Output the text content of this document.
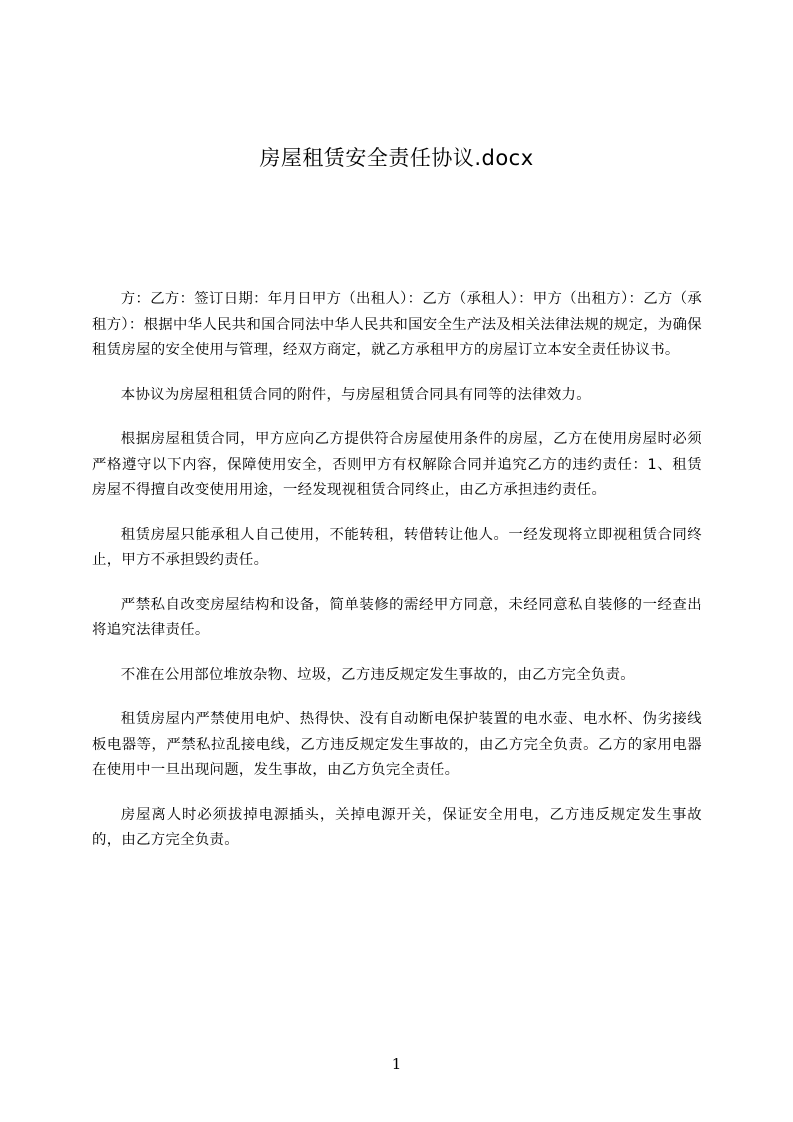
房屋租赁安全责任协议.docx

方：乙方：签订日期：年月日甲方（出租人）：乙方（承租人）：甲方（出租方）：乙方（承租方）：根据中华人民共和国合同法中华人民共和国安全生产法及相关法律法规的规定，为确保租赁房屋的安全使用与管理，经双方商定，就乙方承租甲方的房屋订立本安全责任协议书。

本协议为房屋租租赁合同的附件，与房屋租赁合同具有同等的法律效力。

根据房屋租赁合同，甲方应向乙方提供符合房屋使用条件的房屋，乙方在使用房屋时必须严格遵守以下内容，保障使用安全，否则甲方有权解除合同并追究乙方的违约责任：1、租赁房屋不得擅自改变使用用途，一经发现视租赁合同终止，由乙方承担违约责任。

租赁房屋只能承租人自己使用，不能转租，转借转让他人。一经发现将立即视租赁合同终止，甲方不承担毁约责任。

严禁私自改变房屋结构和设备，简单装修的需经甲方同意，未经同意私自装修的一经查出将追究法律责任。

不准在公用部位堆放杂物、垃圾，乙方违反规定发生事故的，由乙方完全负责。

租赁房屋内严禁使用电炉、热得快、没有自动断电保护装置的电水壶、电水杯、伪劣接线板电器等，严禁私拉乱接电线，乙方违反规定发生事故的，由乙方完全负责。乙方的家用电器在使用中一旦出现问题，发生事故，由乙方负完全责任。

房屋离人时必须拔掉电源插头，关掉电源开关，保证安全用电，乙方违反规定发生事故的，由乙方完全负责。

1
